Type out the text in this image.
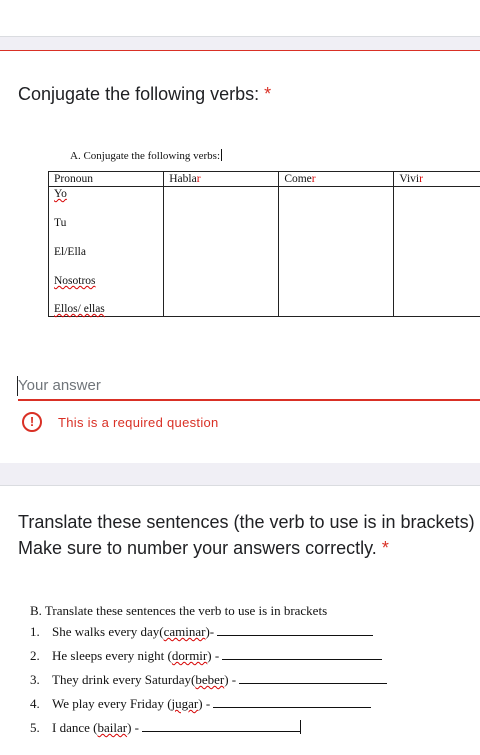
Conjugate the following verbs: *
A. Conjugate the following verbs:
Pronoun	Hablar	Comer	Vivir

Yo
Tu
El/Ella
Nosotros
Ellos/ ellas			

Your answer
!	This is a required question
Translate these sentences (the verb to use is in brackets)
Make sure to number your answers correctly. *
B. Translate these sentences the verb to use is in brackets
1. She walks every day(caminar)-
2. He sleeps every night (dormir) -
3. They drink every Saturday(beber) -
4. We play every Friday (jugar) -
5. I dance (bailar) -
